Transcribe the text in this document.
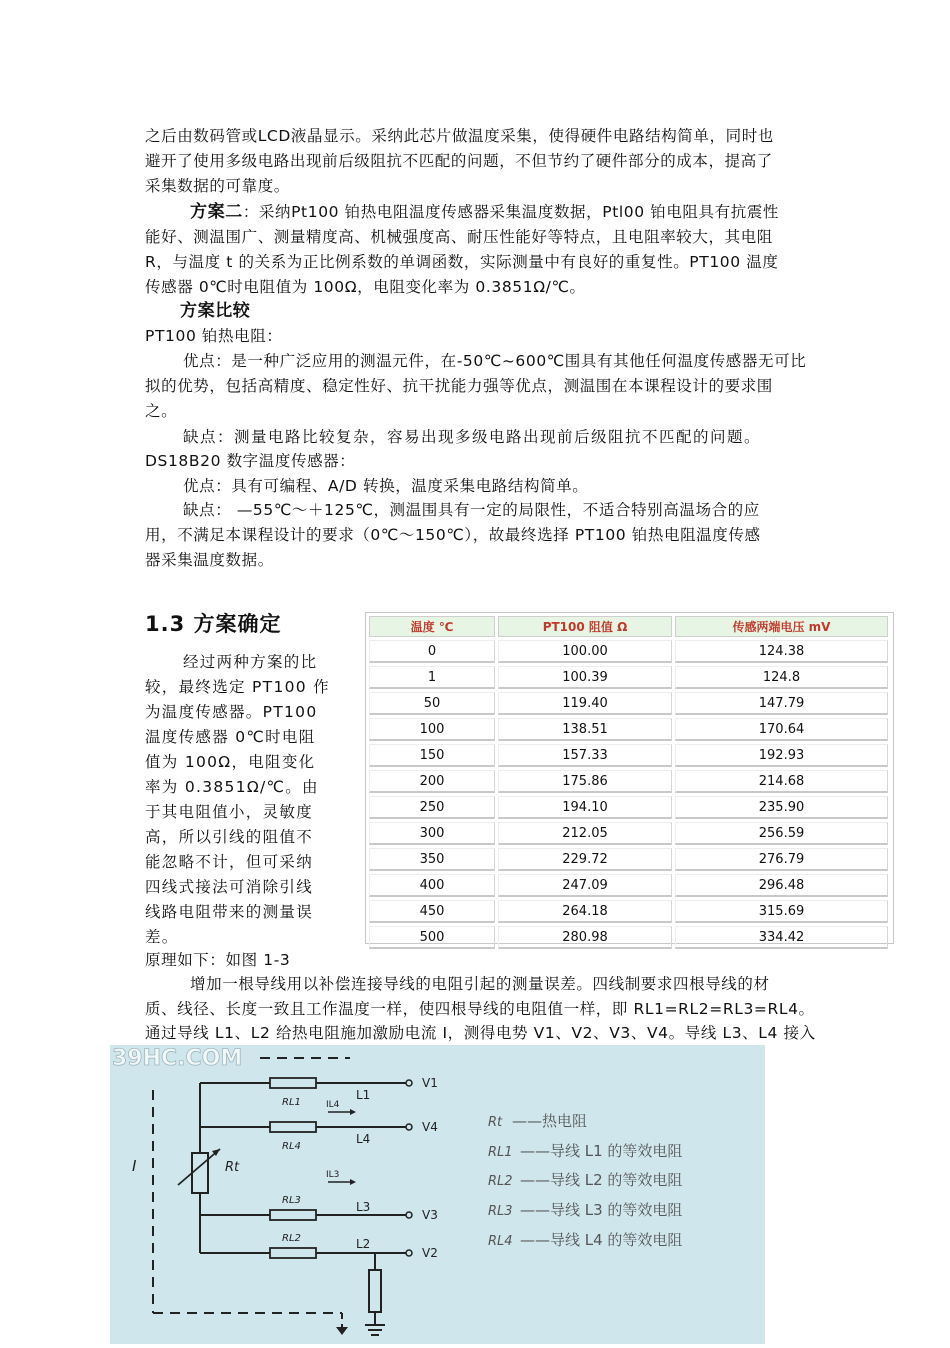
之后由数码管或LCD液晶显示。采纳此芯片做温度采集，使得硬件电路结构简单，同时也
避开了使用多级电路出现前后级阻抗不匹配的问题，不但节约了硬件部分的成本，提高了
采集数据的可靠度。
方案二：采纳Pt100 铂热电阻温度传感器采集温度数据，Ptl00 铂电阻具有抗震性
能好、测温围广、测量精度高、机械强度高、耐压性能好等特点，且电阻率较大，其电阻
R，与温度 t 的关系为正比例系数的单调函数，实际测量中有良好的重复性。PT100 温度
传感器 0℃时电阻值为 100Ω，电阻变化率为 0.3851Ω/℃。
方案比较
PT100 铂热电阻：
优点：是一种广泛应用的测温元件，在-50℃~600℃围具有其他任何温度传感器无可比
拟的优势，包括高精度、稳定性好、抗干扰能力强等优点，测温围在本课程设计的要求围
之。
缺点：测量电路比较复杂，容易出现多级电路出现前后级阻抗不匹配的问题。
DS18B20 数字温度传感器：
优点：具有可编程、A/D 转换，温度采集电路结构简单。
缺点： —55℃～＋125℃，测温围具有一定的局限性，不适合特别高温场合的应
用，不满足本课程设计的要求（0℃～150℃），故最终选择 PT100 铂热电阻温度传感
器采集温度数据。
1.3 方案确定
经过两种方案的比
较，最终选定 PT100 作
为温度传感器。PT100
温度传感器 0℃时电阻
值为 100Ω，电阻变化
率为 0.3851Ω/℃。由
于其电阻值小，灵敏度
高，所以引线的阻值不
能忽略不计，但可采纳
四线式接法可消除引线
线路电阻带来的测量误
差。
原理如下：如图 1-3
增加一根导线用以补偿连接导线的电阻引起的测量误差。四线制要求四根导线的材
质、线径、长度一致且工作温度一样，使四根导线的电阻值一样，即 RL1=RL2=RL3=RL4。
通过导线 L1、L2 给热电阻施加激励电流 I，测得电势 V1、V2、V3、V4。导线 L3、L4 接入
温度 ℃	PT100 阻值 Ω	传感两端电压 mV
0	100.00	124.38
1	100.39	124.8
50	119.40	147.79
100	138.51	170.64
150	157.33	192.93
200	175.86	214.68
250	194.10	235.90
300	212.05	256.59
350	229.72	276.79
400	247.09	296.48
450	264.18	315.69
500	280.98	334.42
39HC.COM
I	Rt
V1
L1
RL1
V4
L4
RL4
IL4
V3
L3
RL3
IL3
V2
L2
RL2
Rt ——热电阻
RL1 ——导线 L1 的等效电阻
RL2 ——导线 L2 的等效电阻
RL3 ——导线 L3 的等效电阻
RL4 ——导线 L4 的等效电阻
